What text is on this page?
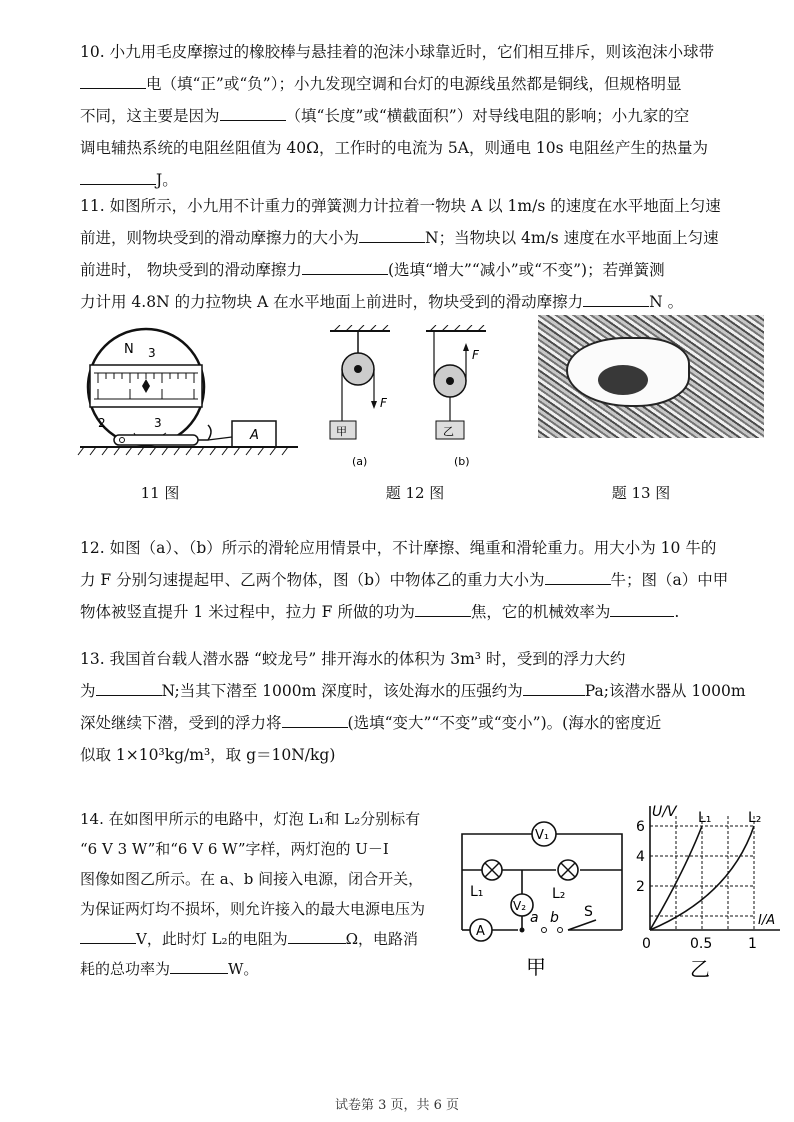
10. 小九用毛皮摩擦过的橡胶棒与悬挂着的泡沫小球靠近时，它们相互排斥，则该泡沫小球带
电（填“正”或“负”）；小九发现空调和台灯的电源线虽然都是铜线，但规格明显
不同，这主要是因为	（填“长度”或“横截面积”）对导线电阻的影响；小九家的空
调电辅热系统的电阻丝阻值为 40Ω，工作时的电流为 5A，则通电 10s 电阻丝产生的热量为
J。
11. 如图所示，小九用不计重力的弹簧测力计拉着一物块 A 以 1m/s 的速度在水平地面上匀速
前进，则物块受到的滑动摩擦力的大小为	N；当物块以 4m/s 速度在水平地面上匀速
前进时， 物块受到的滑动摩擦力	(选填“增大”“减小”或“不变”)；若弹簧测
力计用 4.8N 的力拉物块 A 在水平地面上前进时，物块受到的滑动摩擦力	N 。
N 3
2	3
A
F
甲
(a)
F
乙
(b)
11 图	题 12 图	题 13 图
12. 如图（a）、（b）所示的滑轮应用情景中，不计摩擦、绳重和滑轮重力。用大小为 10 牛的
力 F 分别匀速提起甲、乙两个物体，图（b）中物体乙的重力大小为	牛；图（a）中甲
物体被竖直提升 1 米过程中，拉力 F 所做的功为	焦，它的机械效率为	.
13. 我国首台载人潜水器 “蛟龙号” 排开海水的体积为 3m³ 时，受到的浮力大约
为	N;当其下潜至 1000m 深度时，该处海水的压强约为	Pa;该潜水器从 1000m
深处继续下潜，受到的浮力将	(选填“变大”“不变”或“变小”)。(海水的密度近
似取 1×10³kg/m³，取 g＝10N/kg)
14. 在如图甲所示的电路中，灯泡 L₁和 L₂分别标有
“6 V 3 W”和“6 V 6 W”字样，两灯泡的 U－I
图像如图乙所示。在 a、b 间接入电源，闭合开关，
为保证两灯均不损坏，则允许接入的最大电源电压为
V，此时灯 L₂的电阻为	Ω，电路消
耗的总功率为	W。
V₁
L₁	L₂
V₂
A
a b S
甲
U/V
I/A
L₁	L₂
6
4
2
0	0.5	1
乙
试卷第 3 页，共 6 页
